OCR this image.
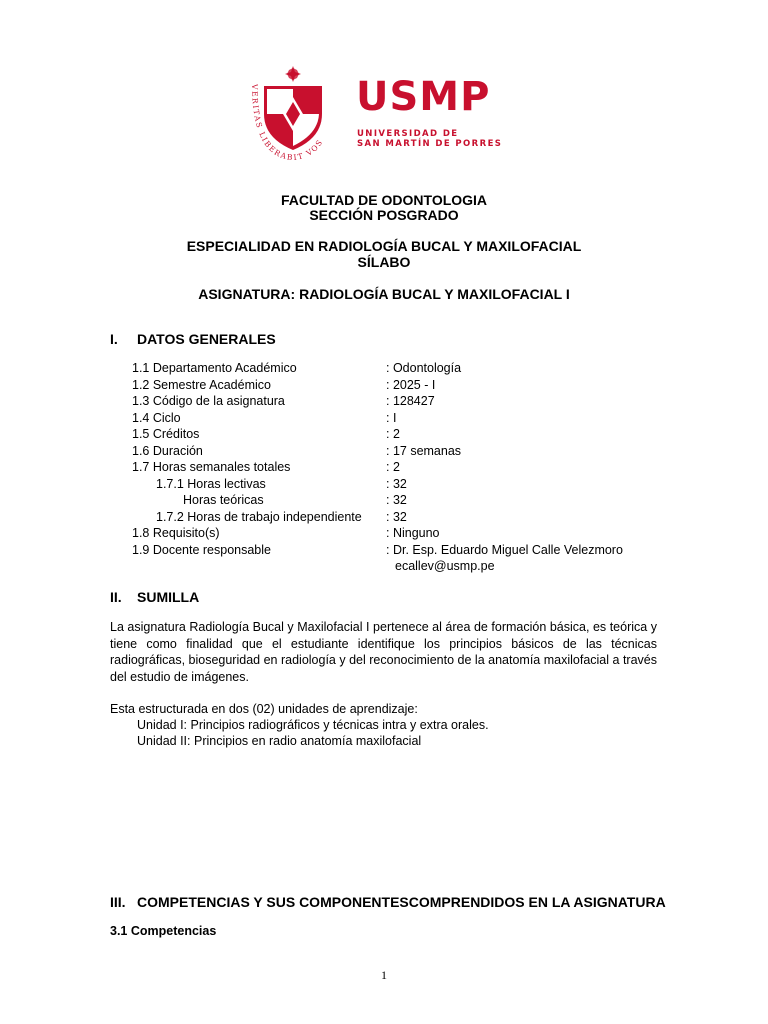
VERITAS LIBERABIT VOS
USMP
UNIVERSIDAD DE
SAN MARTÍN DE PORRES
FACULTAD DE ODONTOLOGIA
SECCIÓN POSGRADO
ESPECIALIDAD EN RADIOLOGÍA BUCAL Y MAXILOFACIAL
SÍLABO
ASIGNATURA: RADIOLOGÍA BUCAL Y MAXILOFACIAL I
I. DATOS GENERALES
1.1 Departamento Académico	: Odontología
1.2 Semestre Académico	: 2025 - I
1.3 Código de la asignatura	: 128427
1.4 Ciclo	: I
1.5 Créditos	: 2
1.6 Duración	: 17 semanas
1.7 Horas semanales totales	: 2
1.7.1 Horas lectivas	: 32
Horas teóricas	: 32
1.7.2 Horas de trabajo independiente : 32
1.8 Requisito(s)	: Ninguno
1.9 Docente responsable	: Dr. Esp. Eduardo Miguel Calle Velezmoro
ecallev@usmp.pe
II. SUMILLA
La asignatura Radiología Bucal y Maxilofacial I pertenece al área de formación básica, es teórica y tiene como finalidad que el estudiante identifique los principios básicos de las técnicas radiográficas, bioseguridad en radiología y del reconocimiento de la anatomía maxilofacial a través del estudio de imágenes.
Esta estructurada en dos (02) unidades de aprendizaje:
Unidad I: Principios radiográficos y técnicas intra y extra orales.
Unidad II: Principios en radio anatomía maxilofacial
III. COMPETENCIAS Y SUS COMPONENTESCOMPRENDIDOS EN LA ASIGNATURA
3.1 Competencias
1
